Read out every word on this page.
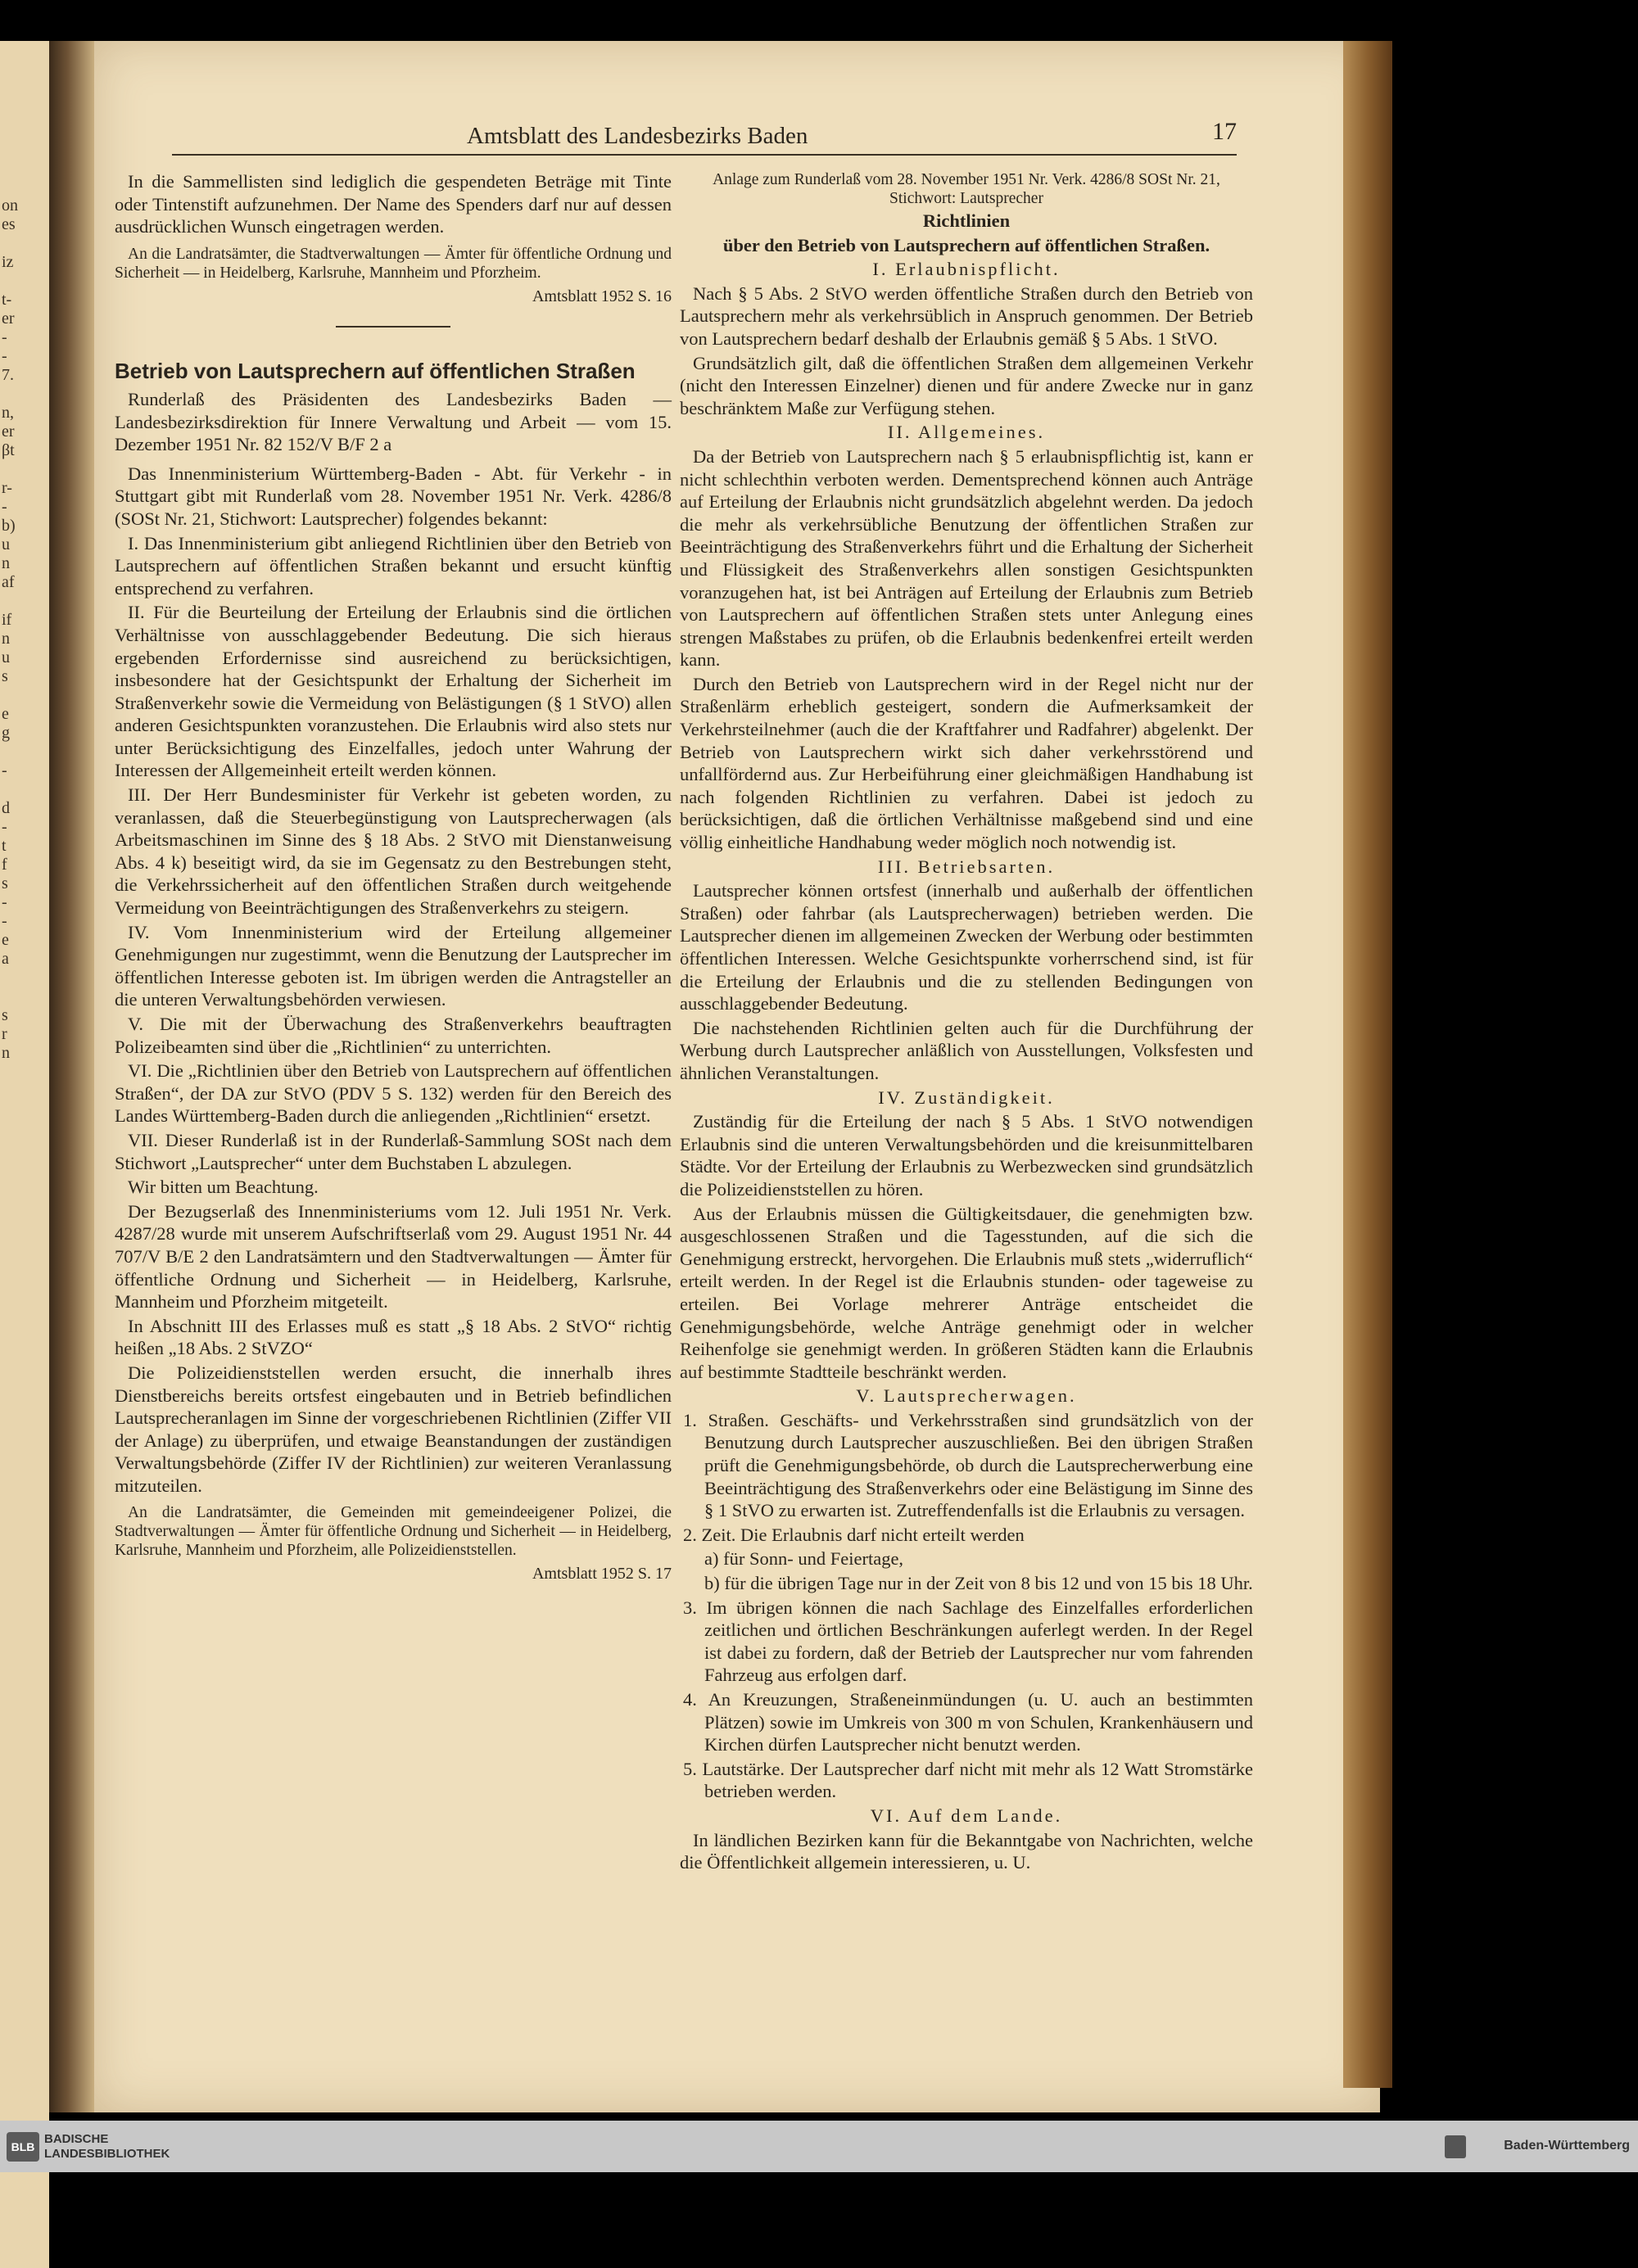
on
es

iz

t-
er
-
-
7.

n,
er
βt

r-
-
b)
u
n
af

if
n
u
s

e
g

-

d
-
t
f
s
-
-
e
a

s
r
n

Amtsblatt des Landesbezirks Baden	17

In die Sammellisten sind lediglich die gespendeten Beträge mit Tinte oder Tintenstift aufzunehmen. Der Name des Spenders darf nur auf dessen ausdrücklichen Wunsch eingetragen werden.

An die Landratsämter, die Stadtverwaltungen — Ämter für öffentliche Ordnung und Sicherheit — in Heidelberg, Karlsruhe, Mannheim und Pforzheim.

Amtsblatt 1952 S. 16

Betrieb von Lautsprechern auf öffentlichen Straßen

Runderlaß des Präsidenten des Landesbezirks Baden — Landesbezirksdirektion für Innere Verwaltung und Arbeit — vom 15. Dezember 1951 Nr. 82 152/V B/F 2 a

Das Innenministerium Württemberg-Baden - Abt. für Verkehr - in Stuttgart gibt mit Runderlaß vom 28. November 1951 Nr. Verk. 4286/8 (SOSt Nr. 21, Stichwort: Lautsprecher) folgendes bekannt:

I. Das Innenministerium gibt anliegend Richtlinien über den Betrieb von Lautsprechern auf öffentlichen Straßen bekannt und ersucht künftig entsprechend zu verfahren.

II. Für die Beurteilung der Erteilung der Erlaubnis sind die örtlichen Verhältnisse von ausschlaggebender Bedeutung. Die sich hieraus ergebenden Erfordernisse sind ausreichend zu berücksichtigen, insbesondere hat der Gesichtspunkt der Erhaltung der Sicherheit im Straßenverkehr sowie die Vermeidung von Belästigungen (§ 1 StVO) allen anderen Gesichtspunkten voranzustehen. Die Erlaubnis wird also stets nur unter Berücksichtigung des Einzelfalles, jedoch unter Wahrung der Interessen der Allgemeinheit erteilt werden können.

III. Der Herr Bundesminister für Verkehr ist gebeten worden, zu veranlassen, daß die Steuerbegünstigung von Lautsprecherwagen (als Arbeitsmaschinen im Sinne des § 18 Abs. 2 StVO mit Dienstanweisung Abs. 4 k) beseitigt wird, da sie im Gegensatz zu den Bestrebungen steht, die Verkehrssicherheit auf den öffentlichen Straßen durch weitgehende Vermeidung von Beeinträchtigungen des Straßenverkehrs zu steigern.

IV. Vom Innenministerium wird der Erteilung allgemeiner Genehmigungen nur zugestimmt, wenn die Benutzung der Lautsprecher im öffentlichen Interesse geboten ist. Im übrigen werden die Antragsteller an die unteren Verwaltungsbehörden verwiesen.

V. Die mit der Überwachung des Straßenverkehrs beauftragten Polizeibeamten sind über die „Richtlinien“ zu unterrichten.

VI. Die „Richtlinien über den Betrieb von Lautsprechern auf öffentlichen Straßen“, der DA zur StVO (PDV 5 S. 132) werden für den Bereich des Landes Württemberg-Baden durch die anliegenden „Richtlinien“ ersetzt.

VII. Dieser Runderlaß ist in der Runderlaß-Sammlung SOSt nach dem Stichwort „Lautsprecher“ unter dem Buchstaben L abzulegen.

Wir bitten um Beachtung.

Der Bezugserlaß des Innenministeriums vom 12. Juli 1951 Nr. Verk. 4287/28 wurde mit unserem Aufschriftserlaß vom 29. August 1951 Nr. 44 707/V B/E 2 den Landratsämtern und den Stadtverwaltungen — Ämter für öffentliche Ordnung und Sicherheit — in Heidelberg, Karlsruhe, Mannheim und Pforzheim mitgeteilt.

In Abschnitt III des Erlasses muß es statt „§ 18 Abs. 2 StVO“ richtig heißen „18 Abs. 2 StVZO“

Die Polizeidienststellen werden ersucht, die innerhalb ihres Dienstbereichs bereits ortsfest eingebauten und in Betrieb befindlichen Lautsprecheranlagen im Sinne der vorgeschriebenen Richtlinien (Ziffer VII der Anlage) zu überprüfen, und etwaige Beanstandungen der zuständigen Verwaltungsbehörde (Ziffer IV der Richtlinien) zur weiteren Veranlassung mitzuteilen.

An die Landratsämter, die Gemeinden mit gemeindeeigener Polizei, die Stadtverwaltungen — Ämter für öffentliche Ordnung und Sicherheit — in Heidelberg, Karlsruhe, Mannheim und Pforzheim, alle Polizeidienststellen.

Amtsblatt 1952 S. 17

Anlage zum Runderlaß vom 28. November 1951 Nr. Verk. 4286/8 SOSt Nr. 21, Stichwort: Lautsprecher

Richtlinien

über den Betrieb von Lautsprechern auf öffentlichen Straßen.

I. Erlaubnispflicht.

Nach § 5 Abs. 2 StVO werden öffentliche Straßen durch den Betrieb von Lautsprechern mehr als verkehrsüblich in Anspruch genommen. Der Betrieb von Lautsprechern bedarf deshalb der Erlaubnis gemäß § 5 Abs. 1 StVO.

Grundsätzlich gilt, daß die öffentlichen Straßen dem allgemeinen Verkehr (nicht den Interessen Einzelner) dienen und für andere Zwecke nur in ganz beschränktem Maße zur Verfügung stehen.

II. Allgemeines.

Da der Betrieb von Lautsprechern nach § 5 erlaubnispflichtig ist, kann er nicht schlechthin verboten werden. Dementsprechend können auch Anträge auf Erteilung der Erlaubnis nicht grundsätzlich abgelehnt werden. Da jedoch die mehr als verkehrsübliche Benutzung der öffentlichen Straßen zur Beeinträchtigung des Straßenverkehrs führt und die Erhaltung der Sicherheit und Flüssigkeit des Straßenverkehrs allen sonstigen Gesichtspunkten voranzugehen hat, ist bei Anträgen auf Erteilung der Erlaubnis zum Betrieb von Lautsprechern auf öffentlichen Straßen stets unter Anlegung eines strengen Maßstabes zu prüfen, ob die Erlaubnis bedenkenfrei erteilt werden kann.

Durch den Betrieb von Lautsprechern wird in der Regel nicht nur der Straßenlärm erheblich gesteigert, sondern die Aufmerksamkeit der Verkehrsteilnehmer (auch die der Kraftfahrer und Radfahrer) abgelenkt. Der Betrieb von Lautsprechern wirkt sich daher verkehrsstörend und unfallfördernd aus. Zur Herbeiführung einer gleichmäßigen Handhabung ist nach folgenden Richtlinien zu verfahren. Dabei ist jedoch zu berücksichtigen, daß die örtlichen Verhältnisse maßgebend sind und eine völlig einheitliche Handhabung weder möglich noch notwendig ist.

III. Betriebsarten.

Lautsprecher können ortsfest (innerhalb und außerhalb der öffentlichen Straßen) oder fahrbar (als Lautsprecherwagen) betrieben werden. Die Lautsprecher dienen im allgemeinen Zwecken der Werbung oder bestimmten öffentlichen Interessen. Welche Gesichtspunkte vorherrschend sind, ist für die Erteilung der Erlaubnis und die zu stellenden Bedingungen von ausschlaggebender Bedeutung.

Die nachstehenden Richtlinien gelten auch für die Durchführung der Werbung durch Lautsprecher anläßlich von Ausstellungen, Volksfesten und ähnlichen Veranstaltungen.

IV. Zuständigkeit.

Zuständig für die Erteilung der nach § 5 Abs. 1 StVO notwendigen Erlaubnis sind die unteren Verwaltungsbehörden und die kreisunmittelbaren Städte. Vor der Erteilung der Erlaubnis zu Werbezwecken sind grundsätzlich die Polizeidienststellen zu hören.

Aus der Erlaubnis müssen die Gültigkeitsdauer, die genehmigten bzw. ausgeschlossenen Straßen und die Tagesstunden, auf die sich die Genehmigung erstreckt, hervorgehen. Die Erlaubnis muß stets „widerruflich“ erteilt werden. In der Regel ist die Erlaubnis stunden- oder tageweise zu erteilen. Bei Vorlage mehrerer Anträge entscheidet die Genehmigungsbehörde, welche Anträge genehmigt oder in welcher Reihenfolge sie genehmigt werden. In größeren Städten kann die Erlaubnis auf bestimmte Stadtteile beschränkt werden.

V. Lautsprecherwagen.

1. Straßen. Geschäfts- und Verkehrsstraßen sind grundsätzlich von der Benutzung durch Lautsprecher auszuschließen. Bei den übrigen Straßen prüft die Genehmigungsbehörde, ob durch die Lautsprecherwerbung eine Beeinträchtigung des Straßenverkehrs oder eine Belästigung im Sinne des § 1 StVO zu erwarten ist. Zutreffendenfalls ist die Erlaubnis zu versagen.

2. Zeit. Die Erlaubnis darf nicht erteilt werden

a) für Sonn- und Feiertage,

b) für die übrigen Tage nur in der Zeit von 8 bis 12 und von 15 bis 18 Uhr.

3. Im übrigen können die nach Sachlage des Einzelfalles erforderlichen zeitlichen und örtlichen Beschränkungen auferlegt werden. In der Regel ist dabei zu fordern, daß der Betrieb der Lautsprecher nur vom fahrenden Fahrzeug aus erfolgen darf.

4. An Kreuzungen, Straßeneinmündungen (u. U. auch an bestimmten Plätzen) sowie im Umkreis von 300 m von Schulen, Krankenhäusern und Kirchen dürfen Lautsprecher nicht benutzt werden.

5. Lautstärke. Der Lautsprecher darf nicht mit mehr als 12 Watt Stromstärke betrieben werden.

VI. Auf dem Lande.

In ländlichen Bezirken kann für die Bekanntgabe von Nachrichten, welche die Öffentlichkeit allgemein interessieren, u. U.

BLB
BADISCHE
LANDESBIBLIOTHEK
Baden-Württemberg
